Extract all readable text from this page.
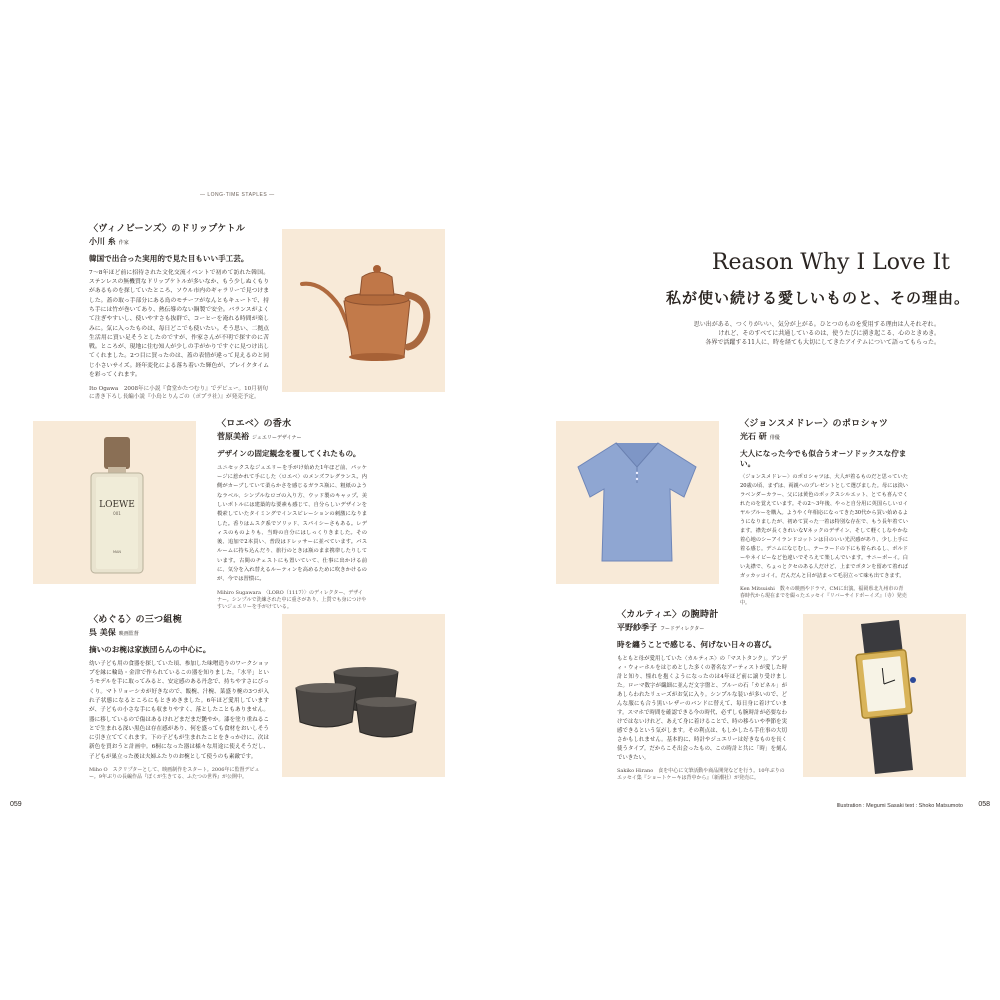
— LONG-TIME STAPLES —
〈ヴィノピーンズ〉のドリップケトル
小川 糸 作家
韓国で出合った実用的で見た目もいい手工芸。
7〜8年ほど前に招待された文化交流イベントで初めて訪れた韓国。ステンレスの無機質なドリップケトルが多いなか、もう少しぬくもりがあるものを探していたところ、ソウル市内のギャラリーで見つけました。蓋の取っ手部分にある鳥のモチーフがなんともキュートで、持ち手には竹が巻いてあり、熱伝導のない銅製で安全。バランスがよくて注ぎやすいし、使いやすさも抜群で、コーヒーを淹れる時間が楽しみに。気に入ったものは、毎日どこでも使いたい。そう思い、二拠点生活用に買い足そうとしたのですが、作家さんが不明で探すのに苦戦。ところが、現地に住む知人が少しの手がかりですぐに見つけ出してくれました。2つ目に買ったのは、蓋の表情が違って見えるのと同じ小さいサイズ。経年変化による落ち着いた輝色が、ブレイクタイムを彩ってくれます。
Ito Ogawa　2008年に小説『食堂かたつむり』でデビュー。10月初旬に書き下ろし長編小説『小鳥とりんごの（ポプラ社）』が発売予定。
LOEWE
001
MAN
〈ロエベ〉の香水
菅原美裕 ジュエリーデザイナー
デザインの固定観念を覆してくれたもの。
ユニセックスなジュエリーを手がけ始めた1年ほど前、パッケージに惹かれて手にした〈ロエベ〉のメンズフレグランス。内側がカーブしていて柔らかさを感じるガラス瓶に、粗紙のようなラベル、シンプルなロゴの入り方、ウッド製のキャップ。美しいボトルには建築的な要素も感じて、自分らしいデザインを模索していたタイミングでインスピレーションの刺激になりました。香りはムスク系でソリッド、スパイシーさもある。レディスのものよりも、当時の自分にはしっくりきました。その後、追加で2本買い、普段はドレッサーに並べています。バスルームに持ち込んだり、旅行のときは瓶のまま携帯したりしています。古間のチェストにも置いていて、仕事に出かける前に、気分を入れ替えるルーティンを高めるために吹きかけるのが、今では習慣に。
Mihiro Sugawara　〈LORO（1117）〉のディレクター、デザイナー。シンプルで洗練された中に重さがあり、上質でも身につけやすいジュエリーを手がけている。
Reason Why I Love It
私が使い続ける愛しいものと、その理由。
思い出がある、つくりがいい、気分が上がる。ひとつのものを愛用する理由は人それぞれ。
けれど、そのすべてに共通しているのは、使うたびに湧き起こる、心のときめき。
各界で活躍する11人に、時を経ても大切にしてきたアイテムについて語ってもらった。
〈ジョンスメドレー〉のポロシャツ
光石 研 俳優
大人になった今でも似合うオーソドックスな佇まい。
〈ジョンスメドレー〉のポロシャツは、大人が着るものだと思っていた20歳の頃、まずは、両親へのプレゼントとして選びました。母には淡いラベンダーカラー、父には黄色のボックスシルエット、とても喜んでくれたのを覚えています。その2〜3年後、やっと自分用に英国らしいロイヤルブルーを購入。ようやく年相応になってきた30代から買い始めるようになりましたが、初めて買った一着は特別な存在で、もう長年着ています。襟先が長くきれいなVネックのデザイン、そして軽くしなやかな着心地のシーアイランドコットンは目のいい光沢感があり、少し上手に着る感じ。デニムになじむし、テーラードの下にも着られるし、ボルドーやネイビーなど色違いでそろえて楽しんでいます。サニーボーイ。白い丸襟で、ちょっとクセのある人だけど、上までボタンを留めて着ればガッカッコイイ。だんだんと目が詰まって毛羽立って味も出てきます。
Ken Mitsuishi　数々の映画やドラマ、CMに出演。福岡県北九州市の青春時代から現在までを綴ったエッセイ『リバーサイドボーイズ』（寺）発売中。
〈めぐる〉の三つ組椀
呉 美保 映画監督
摘いのお椀は家族団らんの中心に。
幼い子ども用の食器を探していた頃、参加した味噌造りのワークショップを縁に輪島・金津で作られているこの器を知りました。「水平」というモデルを手に取ってみると、安定感のある丹念で、持ちやすさにびっくり。マトリョーシカが好きなので、飯椀、汁椀、菜盛り椀の3つが入れ子状態になるところにもときめきました。6年ほど愛用していますが、子どもの小さな手にも収まりやすく、落としたこともありません。器に移しているので傷はあるけれどまだまだ艶やか。漆を塗り重ねることで生まれる深い黒色は存在感があり、何を盛っても食材をおいしそうに引き立ててくれます。下の子どもが生まれたことをきっかけに、次は新色を買おうと計画中。6桐になった器は様々な用途に使えそうだし、子どもが巣立った後は夫婦ふたりのお椀として使うのも素敵です。
Miho O　スクリプターとして、映画制作をスタート。2006年に監督デビュー。9年ぶりの長編作品『ぼくが生きてる、ふたつの世界』が公開中。
〈カルティエ〉の腕時計
平野紗季子 フードディレクター
時を纏うことで感じる、何げない日々の喜び。
もともと母が愛用していた〈カルティエ〉の「マストタンク」。アンディ・ウォーホルをはじめとした多くの著名なアーティストが愛した時計と知り、憧れを抱くようになったのは4年ほど前に譲り受けました。ローマ数字が繊細に並んだ文字盤と、ブルーの石「カビネル」があしらわれたリューズがお気に入り。シンプルな装いが多いので、どんな服にも合う黒いレザーのバンドに替えて、毎日身に着けています。スマホで時間を確認できる今の時代、必ずしも腕時計が必要なわけではないけれど、あえて身に着けることで、時の移ろいや季節を実感できるという気がします。その利点は、もしかしたら手仕事の大切さかもしれません。基本的に、時計やジュエリーは好きなものを長く使うタイプ。だからこそ出会ったもの、この時計と共に「時」を刻んでいきたい。
Sakiko Hirano　食を中心に文筆活動や商品開発などを行う。10年ぶりのエッセイ集『ショートケーキは背中から』（新潮社）が発売に。
059	Illustration : Megumi Sasaki text : Shoko Matsumoto 058
